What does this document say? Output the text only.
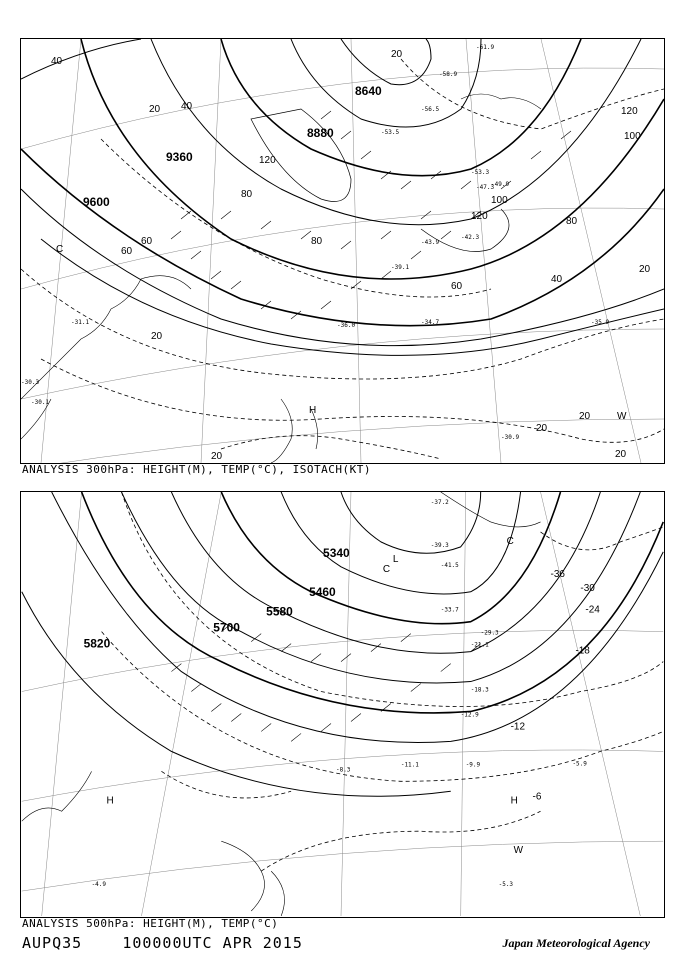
9600
9360
8880
8640
120
120
120
100
100
80
80
80
60
60
60
40
40
40
20
20
20
20
20
20
20
20
H
W
C
-31.1
-30.3
-30.1
-34.7	-35.9
-36.0
-39.1
-42.3
-43.9
-47.3
-49.9
-53.3
-53.5
-56.5
-58.9
-61.9
-30.9
ANALYSIS 300hPa: HEIGHT(M), TEMP(°C), ISOTACH(KT)
5820
5700
5580
5460
5340
-36
-30
-24
-18
-12
-6
H	H
W
L
C
C
-5.9
-9.9
-11.1
-8.3
-5.3
-4.9
-37.2
-39.3
-41.5
-33.7
-29.3
-21.1
-18.3
-12.9
ANALYSIS 500hPa: HEIGHT(M), TEMP(°C)
AUPQ35	100000UTC APR 2015	Japan Meteorological Agency
